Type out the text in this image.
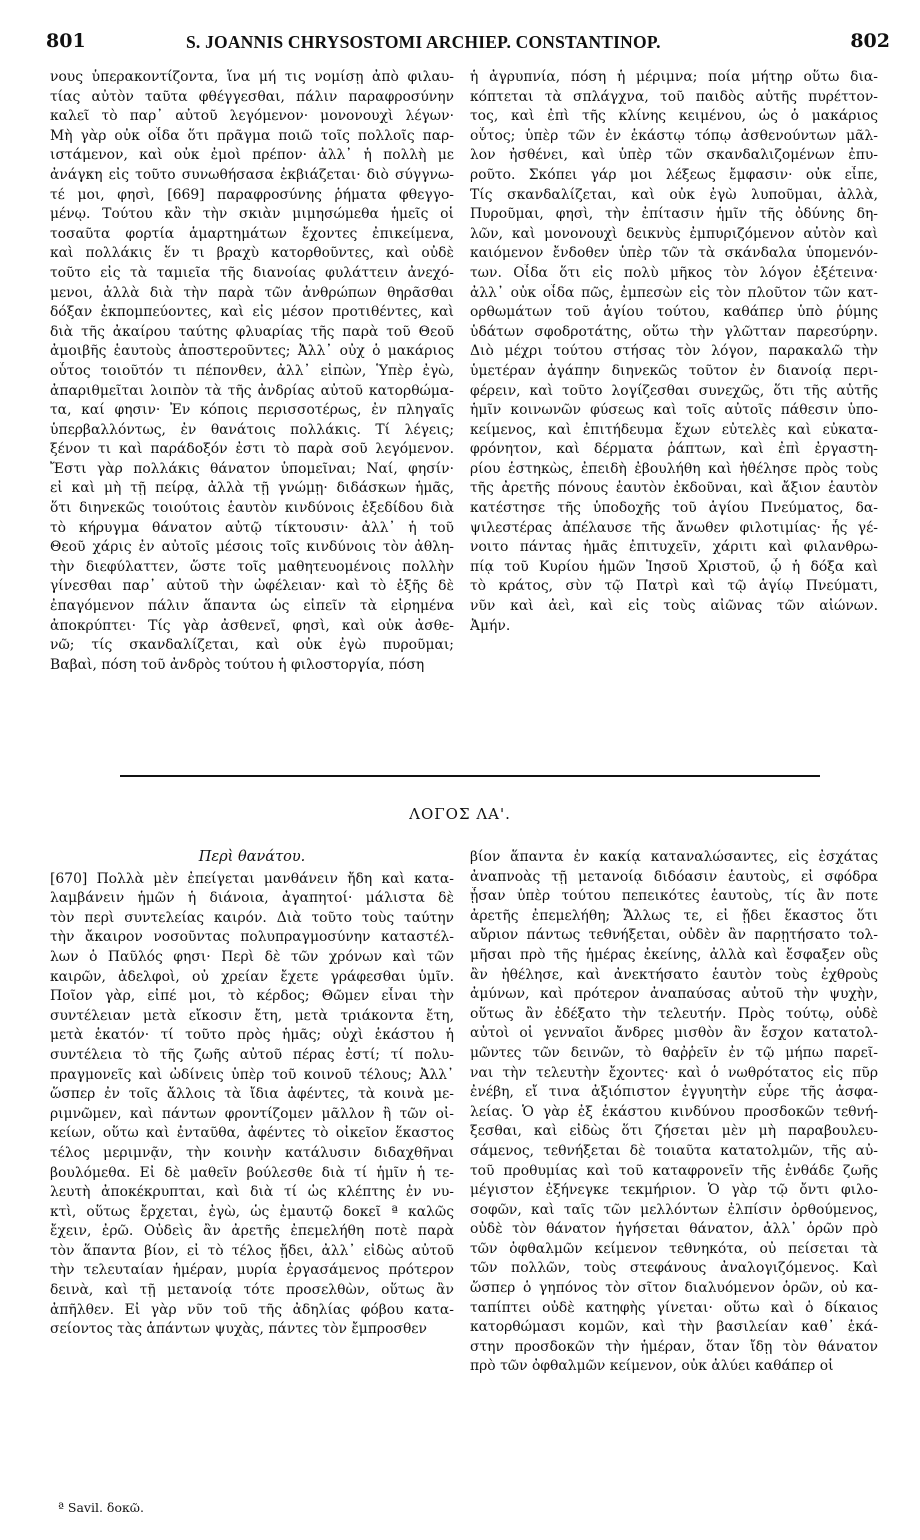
801	S. JOANNIS CHRYSOSTOMI ARCHIEP. CONSTANTINOP.	802
νους ὑπερακοντίζοντα, ἵνα μή τις νομίσῃ ἀπὸ φιλαυ-
τίας αὐτὸν ταῦτα φθέγγεσθαι, πάλιν παραφροσύνην
καλεῖ τὸ παρ᾽ αὐτοῦ λεγόμενον· μονονουχὶ λέγων·
Μὴ γὰρ οὐκ οἶδα ὅτι πρᾶγμα ποιῶ τοῖς πολλοῖς παρ-
ιστάμενον, καὶ οὐκ ἐμοὶ πρέπον· ἀλλ᾽ ἡ πολλὴ με
ἀνάγκη εἰς τοῦτο συνωθήσασα ἐκβιάζεται· διὸ σύγγνω-
τέ μοι, φησὶ, [669] παραφροσύνης ῥήματα φθεγγο-
μένῳ. Τούτου κἂν τὴν σκιὰν μιμησώμεθα ἡμεῖς οἱ
τοσαῦτα φορτία ἁμαρτημάτων ἔχοντες ἐπικείμενα,
καὶ πολλάκις ἕν τι βραχὺ κατορθοῦντες, καὶ οὐδὲ
τοῦτο εἰς τὰ ταμιεῖα τῆς διανοίας φυλάττειν ἀνεχό-
μενοι, ἀλλὰ διὰ τὴν παρὰ τῶν ἀνθρώπων θηρᾶσθαι
δόξαν ἐκπομπεύοντες, καὶ εἰς μέσον προτιθέντες, καὶ
διὰ τῆς ἀκαίρου ταύτης φλυαρίας τῆς παρὰ τοῦ Θεοῦ
ἀμοιβῆς ἑαυτοὺς ἀποστεροῦντες; Ἀλλ᾽ οὐχ ὁ μακάριος
οὗτος τοιοῦτόν τι πέπονθεν, ἀλλ᾽ εἰπὼν, Ὑπὲρ ἐγὼ,
ἀπαριθμεῖται λοιπὸν τὰ τῆς ἀνδρίας αὐτοῦ κατορθώμα-
τα, καί φησιν· Ἐν κόποις περισσοτέρως, ἐν πληγαῖς
ὑπερβαλλόντως, ἐν θανάτοις πολλάκις. Τί λέγεις;
ξένον τι καὶ παράδοξόν ἐστι τὸ παρὰ σοῦ λεγόμενον.
Ἔστι γὰρ πολλάκις θάνατον ὑπομεῖναι; Ναί, φησίν·
εἰ καὶ μὴ τῇ πείρᾳ, ἀλλὰ τῇ γνώμῃ· διδάσκων ἡμᾶς,
ὅτι διηνεκῶς τοιούτοις ἑαυτὸν κινδύνοις ἐξεδίδου διὰ
τὸ κήρυγμα θάνατον αὐτῷ τίκτουσιν· ἀλλ᾽ ἡ τοῦ
Θεοῦ χάρις ἐν αὐτοῖς μέσοις τοῖς κινδύνοις τὸν ἀθλη-
τὴν διεφύλαττεν, ὥστε τοῖς μαθητευομένοις πολλὴν
γίνεσθαι παρ᾽ αὐτοῦ τὴν ὠφέλειαν· καὶ τὸ ἑξῆς δὲ
ἐπαγόμενον πάλιν ἅπαντα ὡς εἰπεῖν τὰ εἰρημένα
ἀποκρύπτει· Τίς γὰρ ἀσθενεῖ, φησὶ, καὶ οὐκ ἀσθε-
νῶ; τίς σκανδαλίζεται, καὶ οὐκ ἐγὼ πυροῦμαι;
Βαβαὶ, πόση τοῦ ἀνδρὸς τούτου ἡ φιλοστοργία, πόση
ἡ ἀγρυπνία, πόση ἡ μέριμνα; ποία μήτηρ οὕτω δια-
κόπτεται τὰ σπλάγχνα, τοῦ παιδὸς αὐτῆς πυρέττον-
τος, καὶ ἐπὶ τῆς κλίνης κειμένου, ὡς ὁ μακάριος
οὗτος; ὑπὲρ τῶν ἐν ἑκάστῳ τόπῳ ἀσθενούντων μᾶλ-
λον ἠσθένει, καὶ ὑπὲρ τῶν σκανδαλιζομένων ἐπυ-
ροῦτο. Σκόπει γάρ μοι λέξεως ἔμφασιν· οὐκ εἶπε,
Τίς σκανδαλίζεται, καὶ οὐκ ἐγὼ λυποῦμαι, ἀλλὰ,
Πυροῦμαι, φησὶ, τὴν ἐπίτασιν ἡμῖν τῆς ὀδύνης δη-
λῶν, καὶ μονονουχὶ δεικνὺς ἐμπυριζόμενον αὐτὸν καὶ
καιόμενον ἔνδοθεν ὑπὲρ τῶν τὰ σκάνδαλα ὑπομενόν-
των. Οἶδα ὅτι εἰς πολὺ μῆκος τὸν λόγον ἐξέτεινα·
ἀλλ᾽ οὐκ οἶδα πῶς, ἐμπεσὼν εἰς τὸν πλοῦτον τῶν κατ-
ορθωμάτων τοῦ ἁγίου τούτου, καθάπερ ὑπὸ ῥύμης
ὑδάτων σφοδροτάτης, οὕτω τὴν γλῶτταν παρεσύρην.
Διὸ μέχρι τούτου στήσας τὸν λόγον, παρακαλῶ τὴν
ὑμετέραν ἀγάπην διηνεκῶς τοῦτον ἐν διανοίᾳ περι-
φέρειν, καὶ τοῦτο λογίζεσθαι συνεχῶς, ὅτι τῆς αὐτῆς
ἡμῖν κοινωνῶν φύσεως καὶ τοῖς αὐτοῖς πάθεσιν ὑπο-
κείμενος, καὶ ἐπιτήδευμα ἔχων εὐτελὲς καὶ εὐκατα-
φρόνητον, καὶ δέρματα ῥάπτων, καὶ ἐπὶ ἐργαστη-
ρίου ἑστηκὼς, ἐπειδὴ ἐβουλήθη καὶ ἠθέλησε πρὸς τοὺς
τῆς ἀρετῆς πόνους ἑαυτὸν ἐκδοῦναι, καὶ ἄξιον ἑαυτὸν
κατέστησε τῆς ὑποδοχῆς τοῦ ἁγίου Πνεύματος, δα-
ψιλεστέρας ἀπέλαυσε τῆς ἄνωθεν φιλοτιμίας· ἧς γέ-
νοιτο πάντας ἡμᾶς ἐπιτυχεῖν, χάριτι καὶ φιλανθρω-
πίᾳ τοῦ Κυρίου ἡμῶν Ἰησοῦ Χριστοῦ, ᾧ ἡ δόξα καὶ
τὸ κράτος, σὺν τῷ Πατρὶ καὶ τῷ ἁγίῳ Πνεύματι,
νῦν καὶ ἀεὶ, καὶ εἰς τοὺς αἰῶνας τῶν αἰώνων.
Ἀμήν.
ΛΟΓΟΣ ΛΑ'.
Περὶ θανάτου.
[670] Πολλὰ μὲν ἐπείγεται μανθάνειν ἤδη καὶ κατα-
λαμβάνειν ἡμῶν ἡ διάνοια, ἀγαπητοί· μάλιστα δὲ
τὸν περὶ συντελείας καιρόν. Διὰ τοῦτο τοὺς ταύτην
τὴν ἄκαιρον νοσοῦντας πολυπραγμοσύνην καταστέλ-
λων ὁ Παῦλός φησι· Περὶ δὲ τῶν χρόνων καὶ τῶν
καιρῶν, ἀδελφοὶ, οὐ χρείαν ἔχετε γράφεσθαι ὑμῖν.
Ποῖον γὰρ, εἰπέ μοι, τὸ κέρδος; Θῶμεν εἶναι τὴν
συντέλειαν μετὰ εἴκοσιν ἔτη, μετὰ τριάκοντα ἔτη,
μετὰ ἑκατόν· τί τοῦτο πρὸς ἡμᾶς; οὐχὶ ἑκάστου ἡ
συντέλεια τὸ τῆς ζωῆς αὐτοῦ πέρας ἐστί; τί πολυ-
πραγμονεῖς καὶ ὠδίνεις ὑπὲρ τοῦ κοινοῦ τέλους; Ἀλλ᾽
ὥσπερ ἐν τοῖς ἄλλοις τὰ ἴδια ἀφέντες, τὰ κοινὰ με-
ριμνῶμεν, καὶ πάντων φροντίζομεν μᾶλλον ἢ τῶν οἰ-
κείων, οὕτω καὶ ἐνταῦθα, ἀφέντες τὸ οἰκεῖον ἕκαστος
τέλος μεριμνᾷν, τὴν κοινὴν κατάλυσιν διδαχθῆναι
βουλόμεθα. Εἰ δὲ μαθεῖν βούλεσθε διὰ τί ἡμῖν ἡ τε-
λευτὴ ἀποκέκρυπται, καὶ διὰ τί ὡς κλέπτης ἐν νυ-
κτὶ, οὕτως ἔρχεται, ἐγὼ, ὡς ἐμαυτῷ δοκεῖ ª καλῶς
ἔχειν, ἐρῶ. Οὐδεὶς ἂν ἀρετῆς ἐπεμελήθη ποτὲ παρὰ
τὸν ἅπαντα βίον, εἰ τὸ τέλος ᾔδει, ἀλλ᾽ εἰδὼς αὐτοῦ
τὴν τελευταίαν ἡμέραν, μυρία ἐργασάμενος πρότερον
δεινὰ, καὶ τῇ μετανοίᾳ τότε προσελθὼν, οὕτως ἂν
ἀπῆλθεν. Εἰ γὰρ νῦν τοῦ τῆς ἀδηλίας φόβου κατα-
σείοντος τὰς ἁπάντων ψυχὰς, πάντες τὸν ἔμπροσθεν
βίον ἅπαντα ἐν κακίᾳ καταναλώσαντες, εἰς ἐσχάτας
ἀναπνοὰς τῇ μετανοίᾳ διδόασιν ἑαυτοὺς, εἰ σφόδρα
ᾖσαν ὑπὲρ τούτου πεπεικότες ἑαυτοὺς, τίς ἂν ποτε
ἀρετῆς ἐπεμελήθη; Ἄλλως τε, εἰ ᾔδει ἕκαστος ὅτι
αὔριον πάντως τεθνήξεται, οὐδὲν ἂν παρῃτήσατο τολ-
μῆσαι πρὸ τῆς ἡμέρας ἐκείνης, ἀλλὰ καὶ ἔσφαξεν οὓς
ἂν ἠθέλησε, καὶ ἀνεκτήσατο ἑαυτὸν τοὺς ἐχθροὺς
ἀμύνων, καὶ πρότερον ἀναπαύσας αὐτοῦ τὴν ψυχὴν,
οὕτως ἂν ἐδέξατο τὴν τελευτήν. Πρὸς τούτῳ, οὐδὲ
αὐτοὶ οἱ γενναῖοι ἄνδρες μισθὸν ἂν ἔσχον κατατολ-
μῶντες τῶν δεινῶν, τὸ θαῤῥεῖν ἐν τῷ μήπω παρεῖ-
ναι τὴν τελευτὴν ἔχοντες· καὶ ὁ νωθρότατος εἰς πῦρ
ἐνέβη, εἴ τινα ἀξιόπιστον ἐγγυητὴν εὗρε τῆς ἀσφα-
λείας. Ὁ γὰρ ἐξ ἑκάστου κινδύνου προσδοκῶν τεθνή-
ξεσθαι, καὶ εἰδὼς ὅτι ζήσεται μὲν μὴ παραβουλευ-
σάμενος, τεθνήξεται δὲ τοιαῦτα κατατολμῶν, τῆς αὐ-
τοῦ προθυμίας καὶ τοῦ καταφρονεῖν τῆς ἐνθάδε ζωῆς
μέγιστον ἐξήνεγκε τεκμήριον. Ὁ γὰρ τῷ ὄντι φιλο-
σοφῶν, καὶ ταῖς τῶν μελλόντων ἐλπίσιν ὀρθούμενος,
οὐδὲ τὸν θάνατον ἡγήσεται θάνατον, ἀλλ᾽ ὁρῶν πρὸ
τῶν ὀφθαλμῶν κείμενον τεθνηκότα, οὐ πείσεται τὰ
τῶν πολλῶν, τοὺς στεφάνους ἀναλογιζόμενος. Καὶ
ὥσπερ ὁ γηπόνος τὸν σῖτον διαλυόμενον ὁρῶν, οὐ κα-
ταπίπτει οὐδὲ κατηφὴς γίνεται· οὕτω καὶ ὁ δίκαιος
κατορθώμασι κομῶν, καὶ τὴν βασιλείαν καθ᾽ ἑκά-
στην προσδοκῶν τὴν ἡμέραν, ὅταν ἴδῃ τὸν θάνατον
πρὸ τῶν ὀφθαλμῶν κείμενον, οὐκ ἀλύει καθάπερ οἱ
ª Savil. δοκῶ.
